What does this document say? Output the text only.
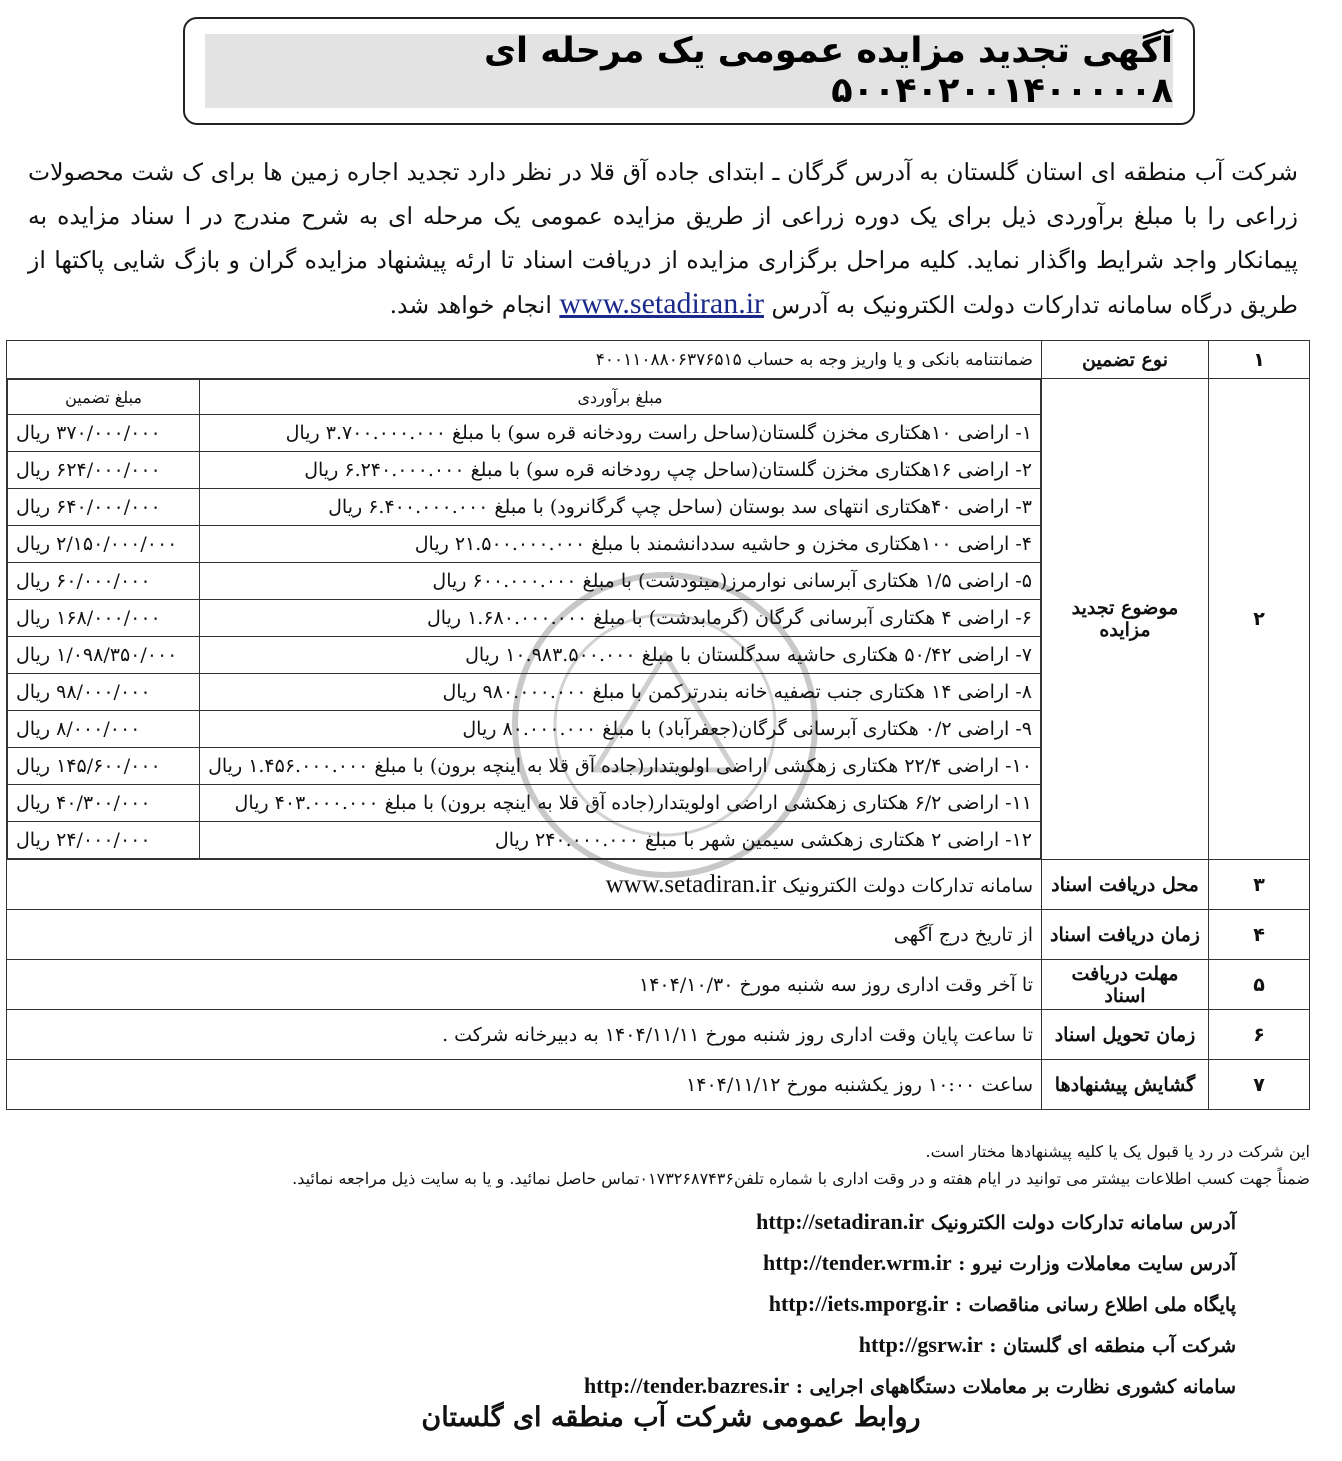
آگهی تجدید مزایده عمومی یک مرحله ای ۵۰۰۴۰۲۰۰۱۴۰۰۰۰۰۸
شرکت آب منطقه ای استان گلستان به آدرس گرگان ـ ابتدای جاده آق قلا در نظر دارد تجدید اجاره زمین ها برای ک شت محصولات زراعی را با مبلغ برآوردی ذیل برای یک دوره زراعی از طریق مزایده عمومی یک مرحله ای به شرح مندرج در ا سناد مزایده به پیمانکار واجد شرایط واگذار نماید. کلیه مراحل برگزاری مزایده از دریافت اسناد تا ارئه پیشنهاد مزایده گران و بازگ شایی پاکتها از طریق درگاه سامانه تدارکات دولت الکترونیک به آدرس www.setadiran.ir انجام خواهد شد.
۱	نوع تضمین	ضمانتنامه بانکی و یا واریز وجه به حساب ۴۰۰۱۱۰۸۸۰۶۳۷۶۵۱۵
۲	موضوع تجدید مزایده	
مبلغ برآوردی	مبلغ تضمین
۱- اراضی ۱۰هکتاری مخزن گلستان(ساحل راست رودخانه قره سو) با مبلغ ۳.۷۰۰.۰۰۰.۰۰۰ ریال	۳۷۰/۰۰۰/۰۰۰ ریال
۲- اراضی ۱۶هکتاری مخزن گلستان(ساحل چپ رودخانه قره سو) با مبلغ ۶.۲۴۰.۰۰۰.۰۰۰ ریال	۶۲۴/۰۰۰/۰۰۰ ریال
۳- اراضی ۴۰هکتاری انتهای سد بوستان (ساحل چپ گرگانرود) با مبلغ ۶.۴۰۰.۰۰۰.۰۰۰ ریال	۶۴۰/۰۰۰/۰۰۰ ریال
۴- اراضی ۱۰۰هکتاری مخزن و حاشیه سددانشمند با مبلغ ۲۱.۵۰۰.۰۰۰.۰۰۰ ریال	۲/۱۵۰/۰۰۰/۰۰۰ ریال
۵- اراضی ۱/۵ هکتاری آبرسانی نوارمرز(مینودشت) با مبلغ ۶۰۰.۰۰۰.۰۰۰ ریال	۶۰/۰۰۰/۰۰۰ ریال
۶- اراضی ۴ هکتاری آبرسانی گرگان (گرمابدشت) با مبلغ ۱.۶۸۰.۰۰۰.۰۰۰ ریال	۱۶۸/۰۰۰/۰۰۰ ریال
۷- اراضی ۵۰/۴۲ هکتاری حاشیه سدگلستان با مبلغ ۱۰.۹۸۳.۵۰۰.۰۰۰ ریال	۱/۰۹۸/۳۵۰/۰۰۰ ریال
۸- اراضی ۱۴ هکتاری جنب تصفیه خانه بندرترکمن با مبلغ ۹۸۰.۰۰۰.۰۰۰ ریال	۹۸/۰۰۰/۰۰۰ ریال
۹- اراضی ۰/۲ هکتاری آبرسانی گرگان(جعفرآباد) با مبلغ ۸۰.۰۰۰.۰۰۰ ریال	۸/۰۰۰/۰۰۰ ریال
۱۰- اراضی ۲۲/۴ هکتاری زهکشی اراضی اولویتدار(جاده آق قلا به اینچه برون) با مبلغ ۱.۴۵۶.۰۰۰.۰۰۰ ریال	۱۴۵/۶۰۰/۰۰۰ ریال
۱۱- اراضی ۶/۲ هکتاری زهکشی اراضی اولویتدار(جاده آق قلا به اینچه برون) با مبلغ ۴۰۳.۰۰۰.۰۰۰ ریال	۴۰/۳۰۰/۰۰۰ ریال
۱۲- اراضی ۲ هکتاری زهکشی سیمین شهر با مبلغ ۲۴۰.۰۰۰.۰۰۰ ریال	۲۴/۰۰۰/۰۰۰ ریال

۳	محل دریافت اسناد	سامانه تدارکات دولت الکترونیک www.setadiran.ir
۴	زمان دریافت اسناد	از تاریخ درج آگهی
۵	مهلت دریافت اسناد	تا آخر وقت اداری روز سه شنبه مورخ ۱۴۰۴/۱۰/۳۰
۶	زمان تحویل اسناد	تا ساعت پایان وقت اداری روز شنبه مورخ ۱۴۰۴/۱۱/۱۱ به دبیرخانه شرکت .
۷	گشایش پیشنهادها	ساعت ۱۰:۰۰ روز یکشنبه مورخ ۱۴۰۴/۱۱/۱۲
این شرکت در رد یا قبول یک یا کلیه پیشنهادها مختار است.
ضمناً جهت کسب اطلاعات بیشتر می توانید در ایام هفته و در وقت اداری با شماره تلفن۰۱۷۳۲۶۸۷۴۳۶تماس حاصل نمائید. و یا به سایت ذیل مراجعه نمائید.
آدرس سامانه تدارکات دولت الکترونیک http://setadiran.ir
آدرس سایت معاملات وزارت نیرو : http://tender.wrm.ir
پایگاه ملی اطلاع رسانی مناقصات : http://iets.mporg.ir
شرکت آب منطقه ای گلستان : http://gsrw.ir
سامانه کشوری نظارت بر معاملات دستگاههای اجرایی : http://tender.bazres.ir
روابط عمومی شرکت آب منطقه ای گلستان
